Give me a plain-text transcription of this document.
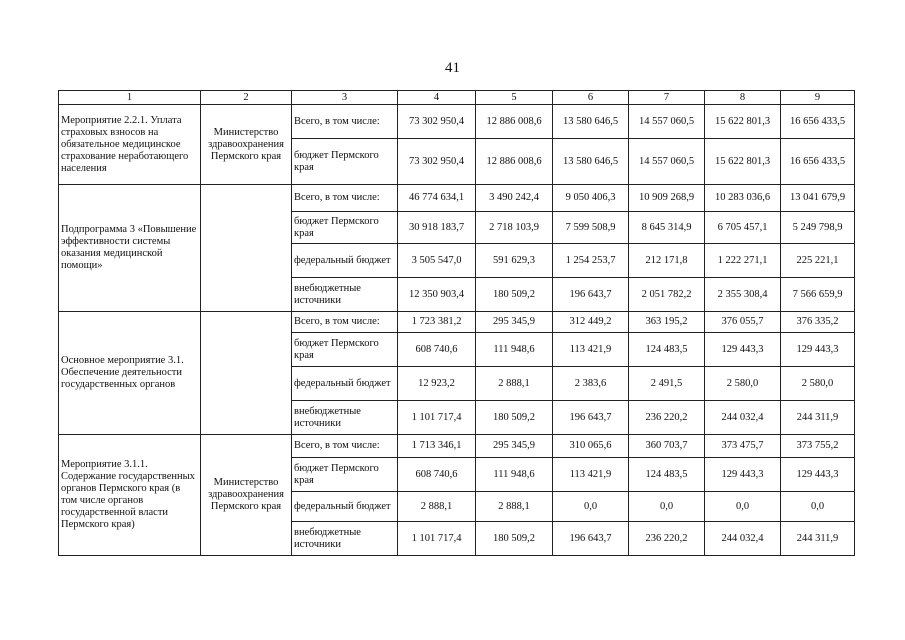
41
1	2	3	4	5	6	7	8	9
Мероприятие 2.2.1. Уплата страховых взносов на обязательное медицинское страхование неработающего населения	Министерство здравоохранения Пермского края	Всего, в том числе:	73 302 950,4	12 886 008,6	13 580 646,5	14 557 060,5	15 622 801,3	16 656 433,5
		бюджет Пермского края	73 302 950,4	12 886 008,6	13 580 646,5	14 557 060,5	15 622 801,3	16 656 433,5
Подпрограмма 3 «Повышение эффективности системы оказания медицинской помощи»		Всего, в том числе:	46 774 634,1	3 490 242,4	9 050 406,3	10 909 268,9	10 283 036,6	13 041 679,9
		бюджет Пермского края	30 918 183,7	2 718 103,9	7 599 508,9	8 645 314,9	6 705 457,1	5 249 798,9
		федеральный бюджет	3 505 547,0	591 629,3	1 254 253,7	212 171,8	1 222 271,1	225 221,1
		внебюджетные источники	12 350 903,4	180 509,2	196 643,7	2 051 782,2	2 355 308,4	7 566 659,9
Основное мероприятие 3.1. Обеспечение деятельности государственных органов		Всего, в том числе:	1 723 381,2	295 345,9	312 449,2	363 195,2	376 055,7	376 335,2
		бюджет Пермского края	608 740,6	111 948,6	113 421,9	124 483,5	129 443,3	129 443,3
		федеральный бюджет	12 923,2	2 888,1	2 383,6	2 491,5	2 580,0	2 580,0
		внебюджетные источники	1 101 717,4	180 509,2	196 643,7	236 220,2	244 032,4	244 311,9
Мероприятие 3.1.1. Содержание государственных органов Пермского края (в том числе органов государственной власти Пермского края)	Министерство здравоохранения Пермского края	Всего, в том числе:	1 713 346,1	295 345,9	310 065,6	360 703,7	373 475,7	373 755,2
		бюджет Пермского края	608 740,6	111 948,6	113 421,9	124 483,5	129 443,3	129 443,3
		федеральный бюджет	2 888,1	2 888,1	0,0	0,0	0,0	0,0
		внебюджетные источники	1 101 717,4	180 509,2	196 643,7	236 220,2	244 032,4	244 311,9
